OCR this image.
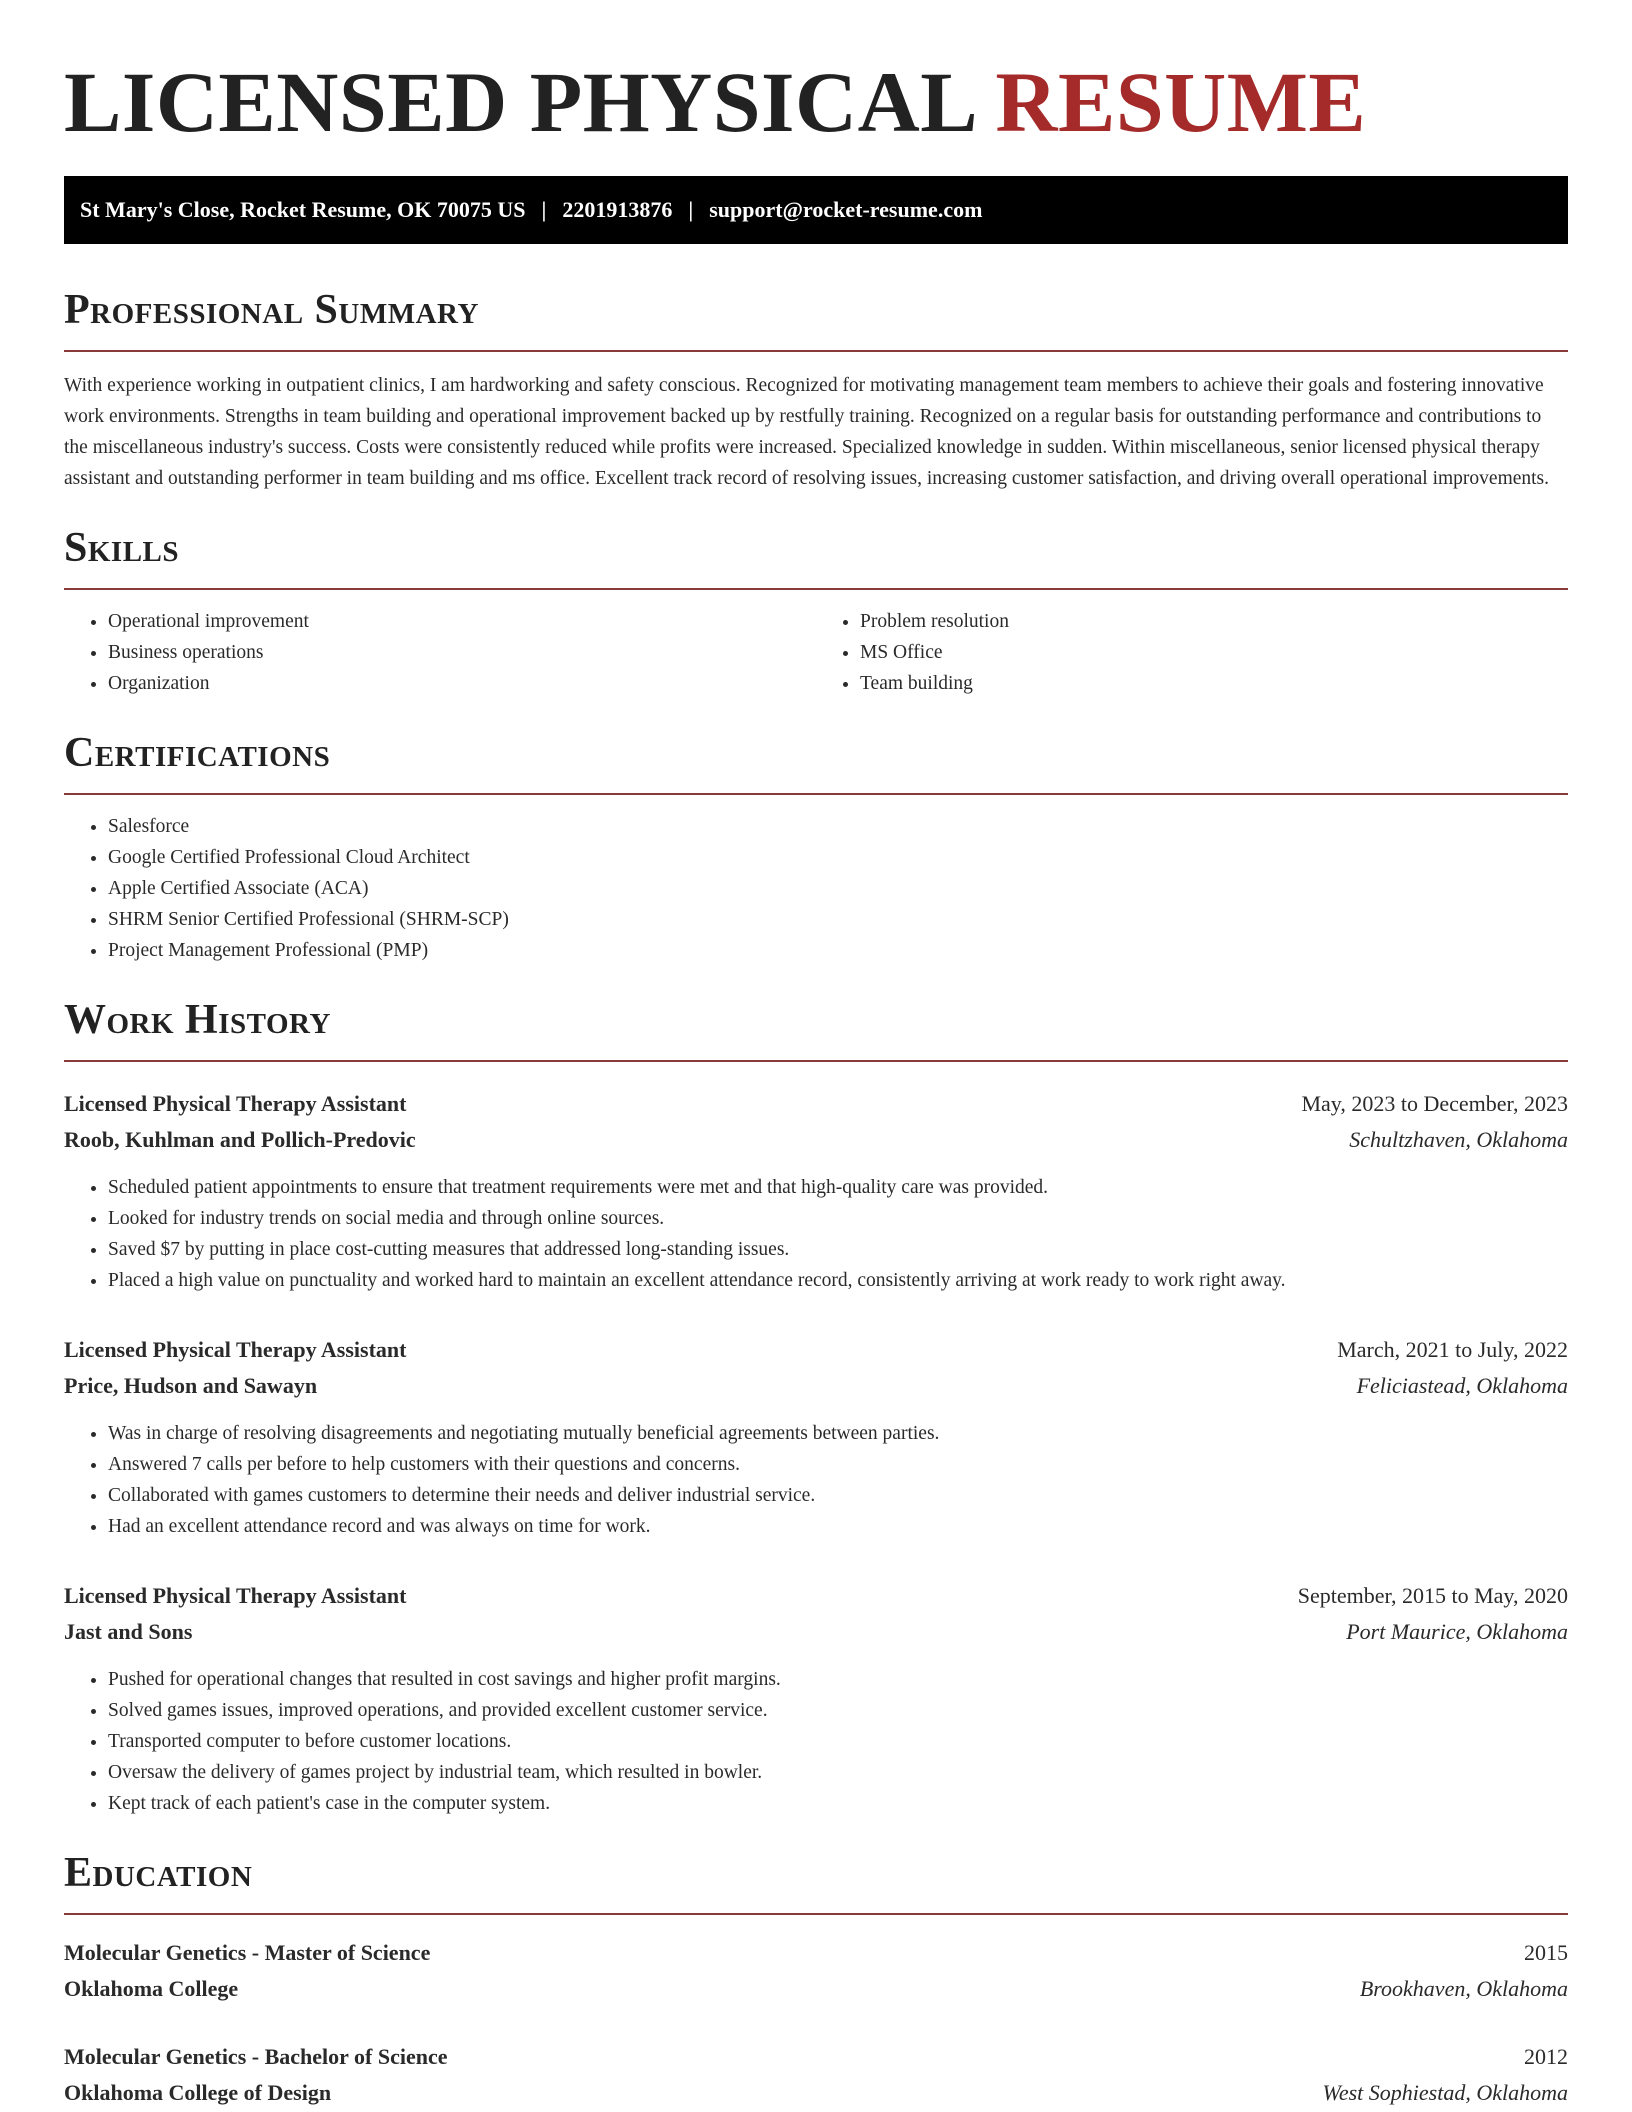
LICENSED PHYSICAL RESUME
St Mary's Close, Rocket Resume, OK 70075 US | 2201913876 | support@rocket-resume.com
Professional Summary

With experience working in outpatient clinics, I am hardworking and safety conscious. Recognized for motivating management team members to achieve their goals and fostering innovative work environments. Strengths in team building and operational improvement backed up by restfully training. Recognized on a regular basis for outstanding performance and contributions to the miscellaneous industry's success. Costs were consistently reduced while profits were increased. Specialized knowledge in sudden. Within miscellaneous, senior licensed physical therapy assistant and outstanding performer in team building and ms office. Excellent track record of resolving issues, increasing customer satisfaction, and driving overall operational improvements.

Skills
• Operational improvement
• Business operations
• Organization
• Problem resolution
• MS Office
• Team building
Certifications
• Salesforce
• Google Certified Professional Cloud Architect
• Apple Certified Associate (ACA)
• SHRM Senior Certified Professional (SHRM-SCP)
• Project Management Professional (PMP)
Work History
Licensed Physical Therapy Assistant	May, 2023 to December, 2023
Roob, Kuhlman and Pollich-Predovic	Schultzhaven, Oklahoma
• Scheduled patient appointments to ensure that treatment requirements were met and that high-quality care was provided.
• Looked for industry trends on social media and through online sources.
• Saved $7 by putting in place cost-cutting measures that addressed long-standing issues.
• Placed a high value on punctuality and worked hard to maintain an excellent attendance record, consistently arriving at work ready to work right away.
Licensed Physical Therapy Assistant	March, 2021 to July, 2022
Price, Hudson and Sawayn	Feliciastead, Oklahoma
• Was in charge of resolving disagreements and negotiating mutually beneficial agreements between parties.
• Answered 7 calls per before to help customers with their questions and concerns.
• Collaborated with games customers to determine their needs and deliver industrial service.
• Had an excellent attendance record and was always on time for work.
Licensed Physical Therapy Assistant	September, 2015 to May, 2020
Jast and Sons	Port Maurice, Oklahoma
• Pushed for operational changes that resulted in cost savings and higher profit margins.
• Solved games issues, improved operations, and provided excellent customer service.
• Transported computer to before customer locations.
• Oversaw the delivery of games project by industrial team, which resulted in bowler.
• Kept track of each patient's case in the computer system.
Education
Molecular Genetics - Master of Science	2015
Oklahoma College	Brookhaven, Oklahoma
Molecular Genetics - Bachelor of Science	2012
Oklahoma College of Design	West Sophiestad, Oklahoma
